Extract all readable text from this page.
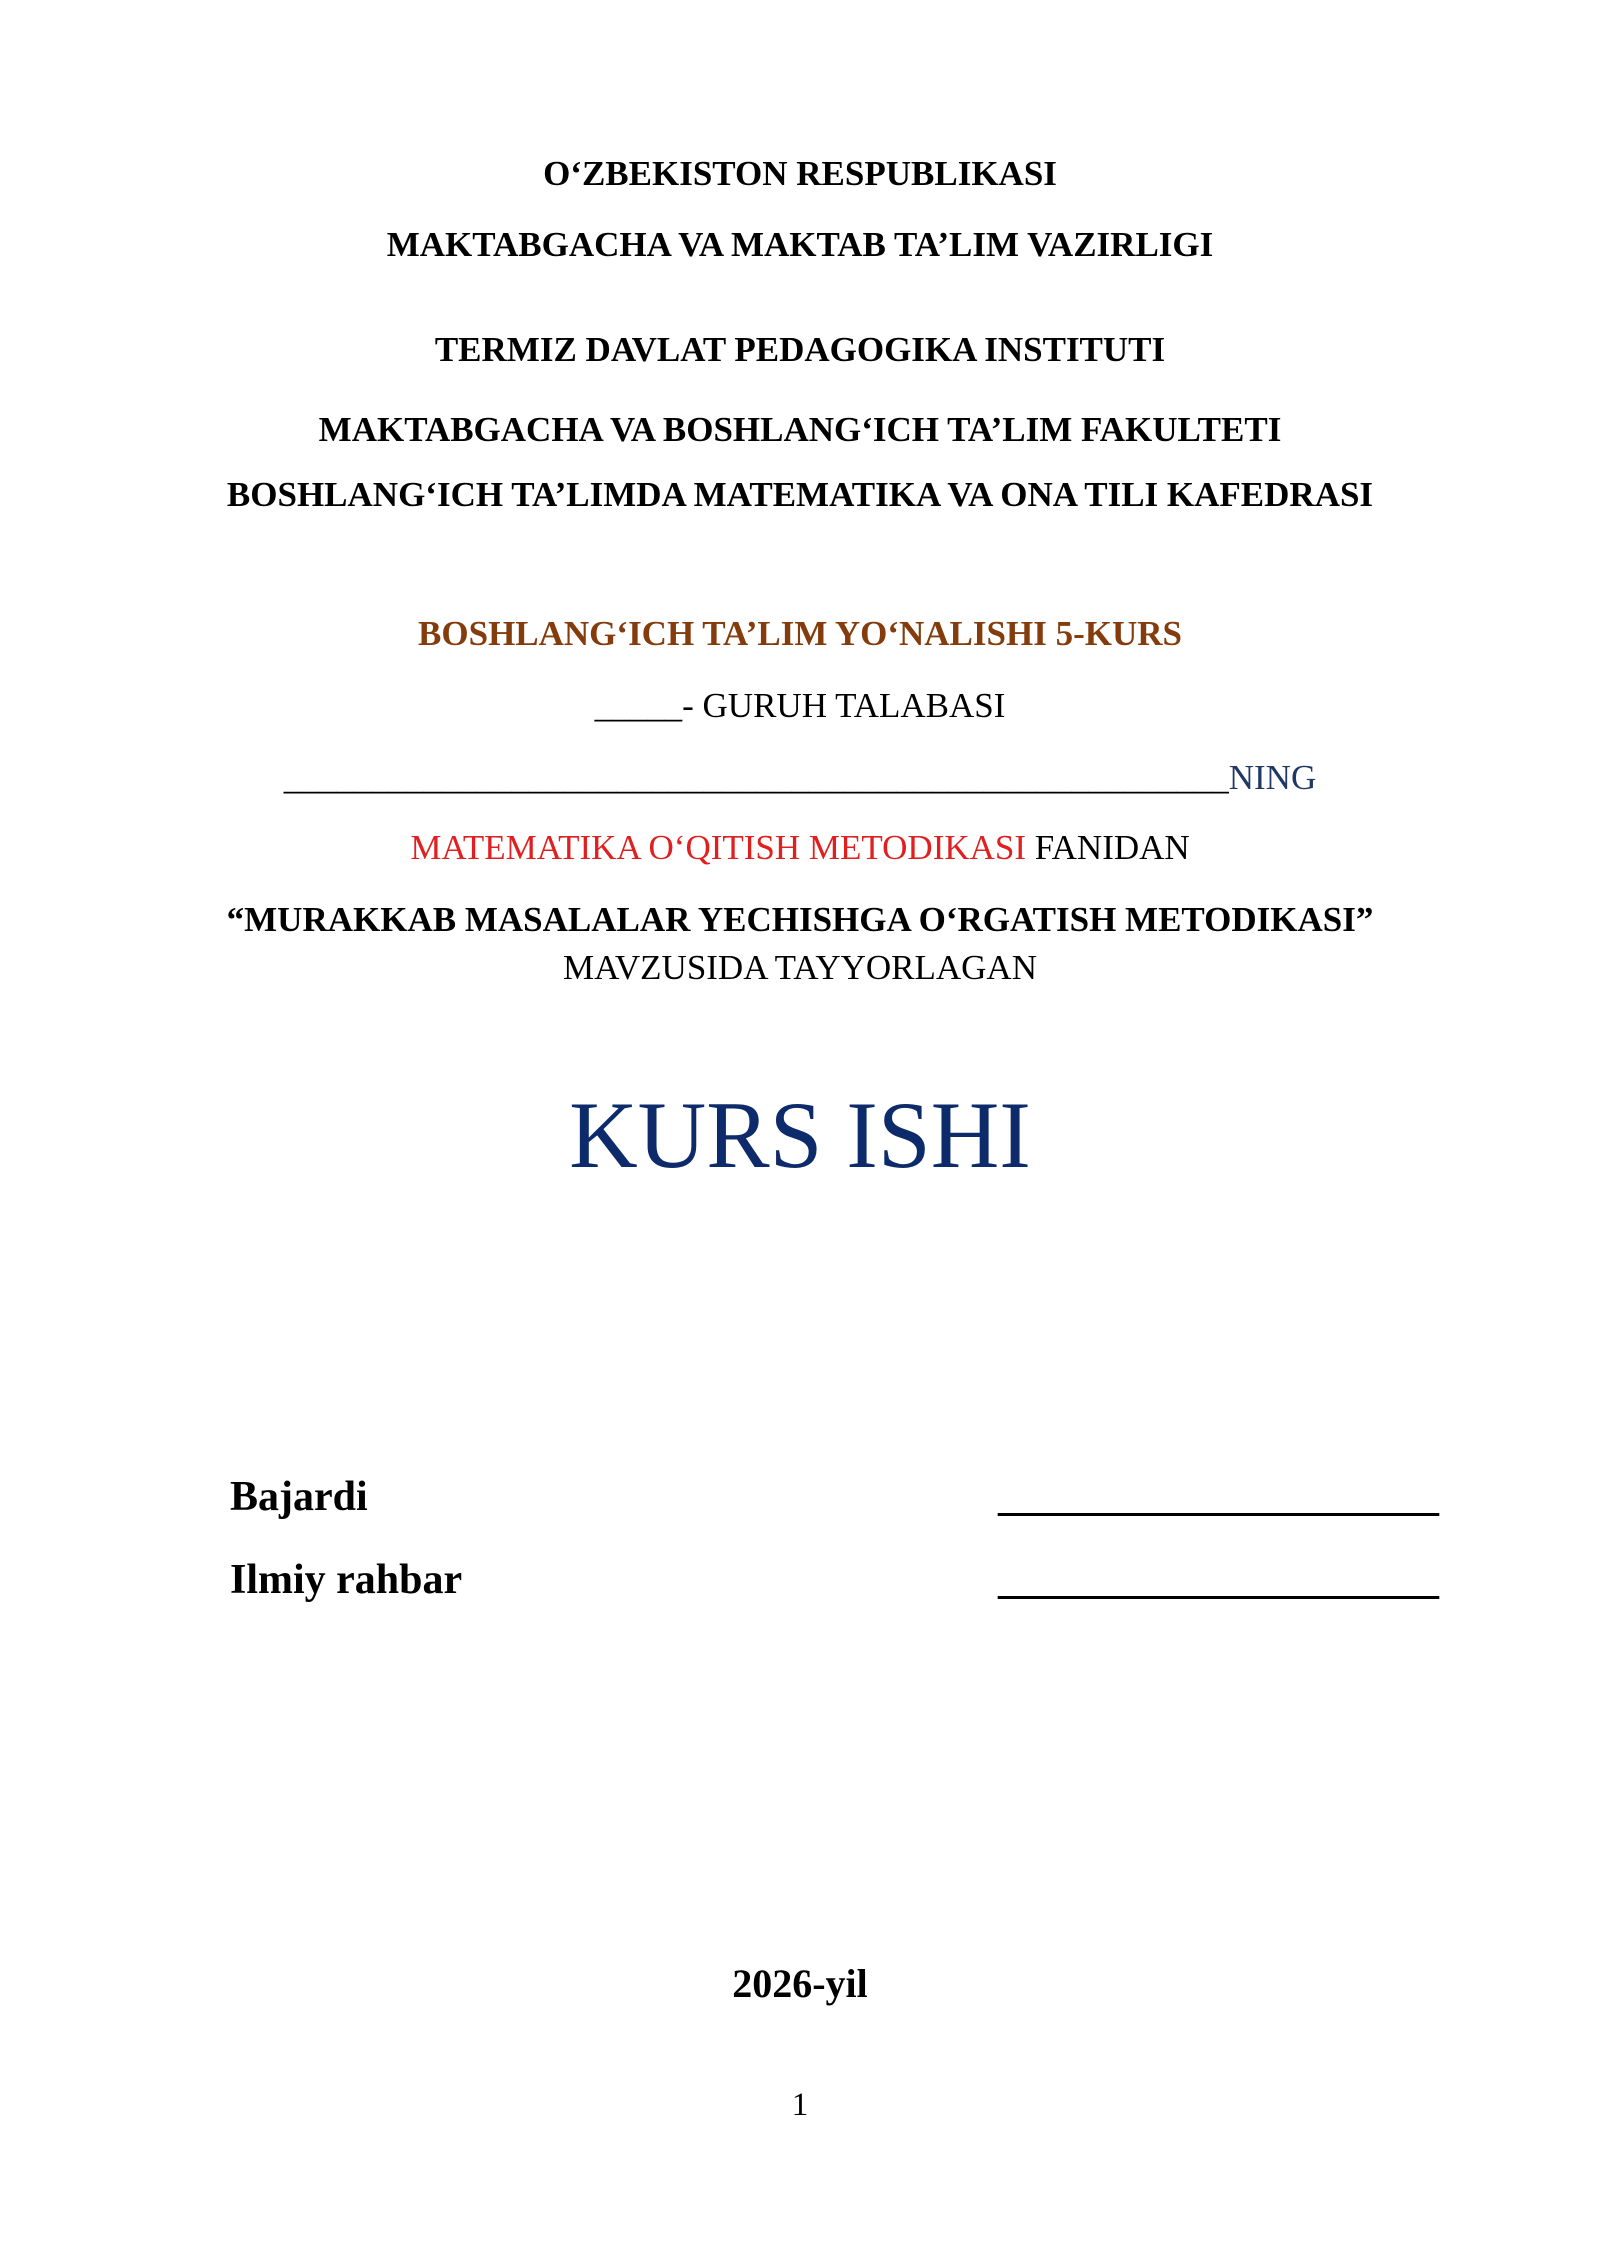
O‘ZBEKISTON RESPUBLIKASI
MAKTABGACHA VA MAKTAB TA’LIM VAZIRLIGI
TERMIZ DAVLAT PEDAGOGIKA INSTITUTI
MAKTABGACHA VA BOSHLANG‘ICH TA’LIM FAKULTETI
BOSHLANG‘ICH TA’LIMDA MATEMATIKA VA ONA TILI KAFEDRASI
BOSHLANG‘ICH TA’LIM YO‘NALISHI 5-KURS
_____- GURUH TALABASI
______________________________________________________NING
MATEMATIKA O‘QITISH METODIKASI FANIDAN
“MURAKKAB MASALALAR YECHISHGA O‘RGATISH METODIKASI”
MAVZUSIDA TAYYORLAGAN
KURS ISHI
Bajardi	_____________________
Ilmiy rahbar	_____________________
2026-yil
1
